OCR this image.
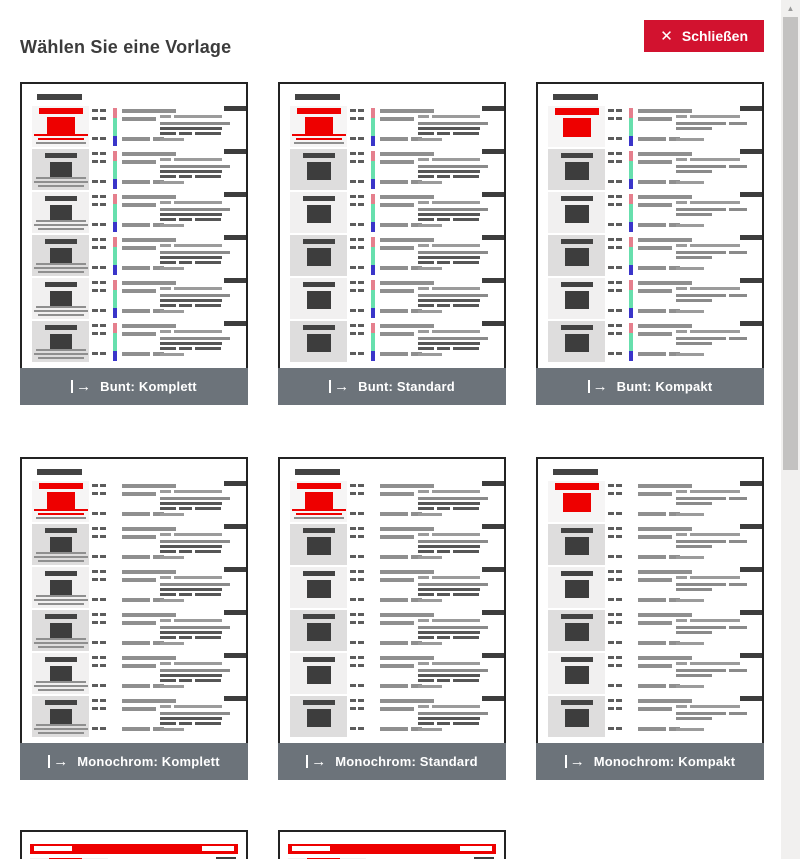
Wählen Sie eine Vorlage
✕ Schließen
→ Bunt: Komplett	→ Bunt: Standard	→ Bunt: Kompakt
→ Monochrom: Komplett	→ Monochrom: Standard	→ Monochrom: Kompakt
▲
